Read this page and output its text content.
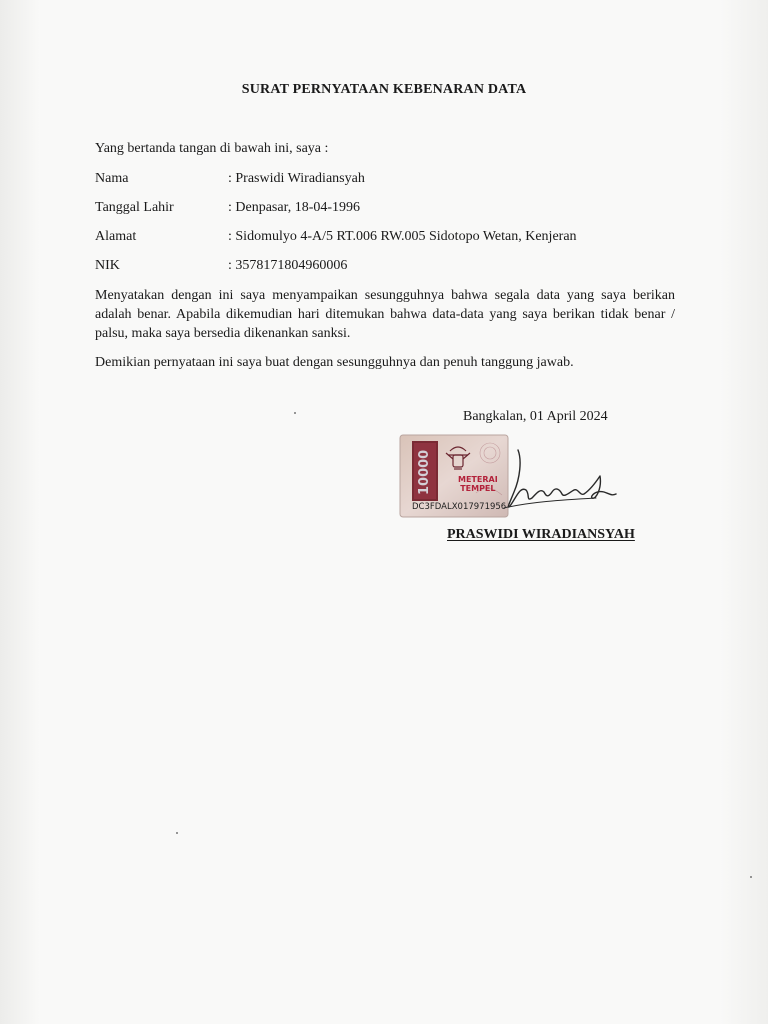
SURAT PERNYATAAN KEBENARAN DATA
Yang bertanda tangan di bawah ini, saya :
Nama	: Praswidi Wiradiansyah
Tanggal Lahir	: Denpasar, 18-04-1996
Alamat	: Sidomulyo 4-A/5 RT.006 RW.005 Sidotopo Wetan, Kenjeran
NIK	: 3578171804960006
Menyatakan dengan ini saya menyampaikan sesungguhnya bahwa segala data yang saya berikan adalah benar. Apabila dikemudian hari ditemukan bahwa data-data yang saya berikan tidak benar / palsu, maka saya bersedia dikenankan sanksi.
Demikian pernyataan ini saya buat dengan sesungguhnya dan penuh tanggung jawab.
Bangkalan, 01 April 2024
10000	METERAI
TEMPEL
DC3FDALX017971956
PRASWIDI WIRADIANSYAH
